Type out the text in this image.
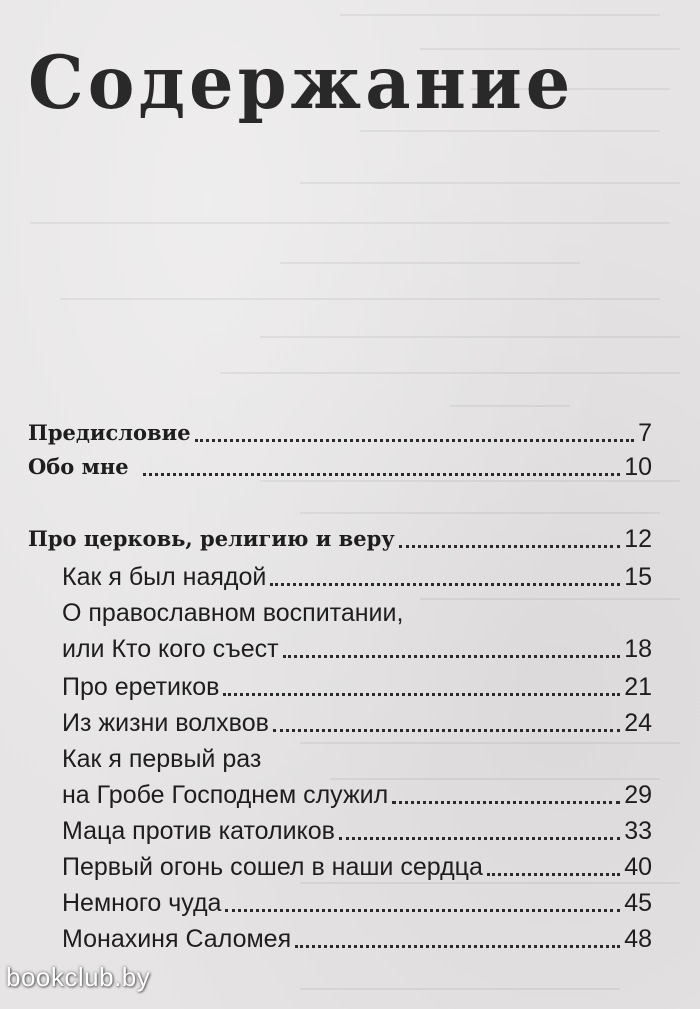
Содержание
Предисловие	7
Обо мне	10
Про церковь, религию и веру	12
Как я был наядой	15
О православном воспитании,
или Кто кого съест	18
Про еретиков	21
Из жизни волхвов	24
Как я первый раз
на Гробе Господнем служил	29
Маца против католиков	33
Первый огонь сошел в наши сердца	40
Немного чуда	45
Монахиня Саломея	48
bookclub.by
